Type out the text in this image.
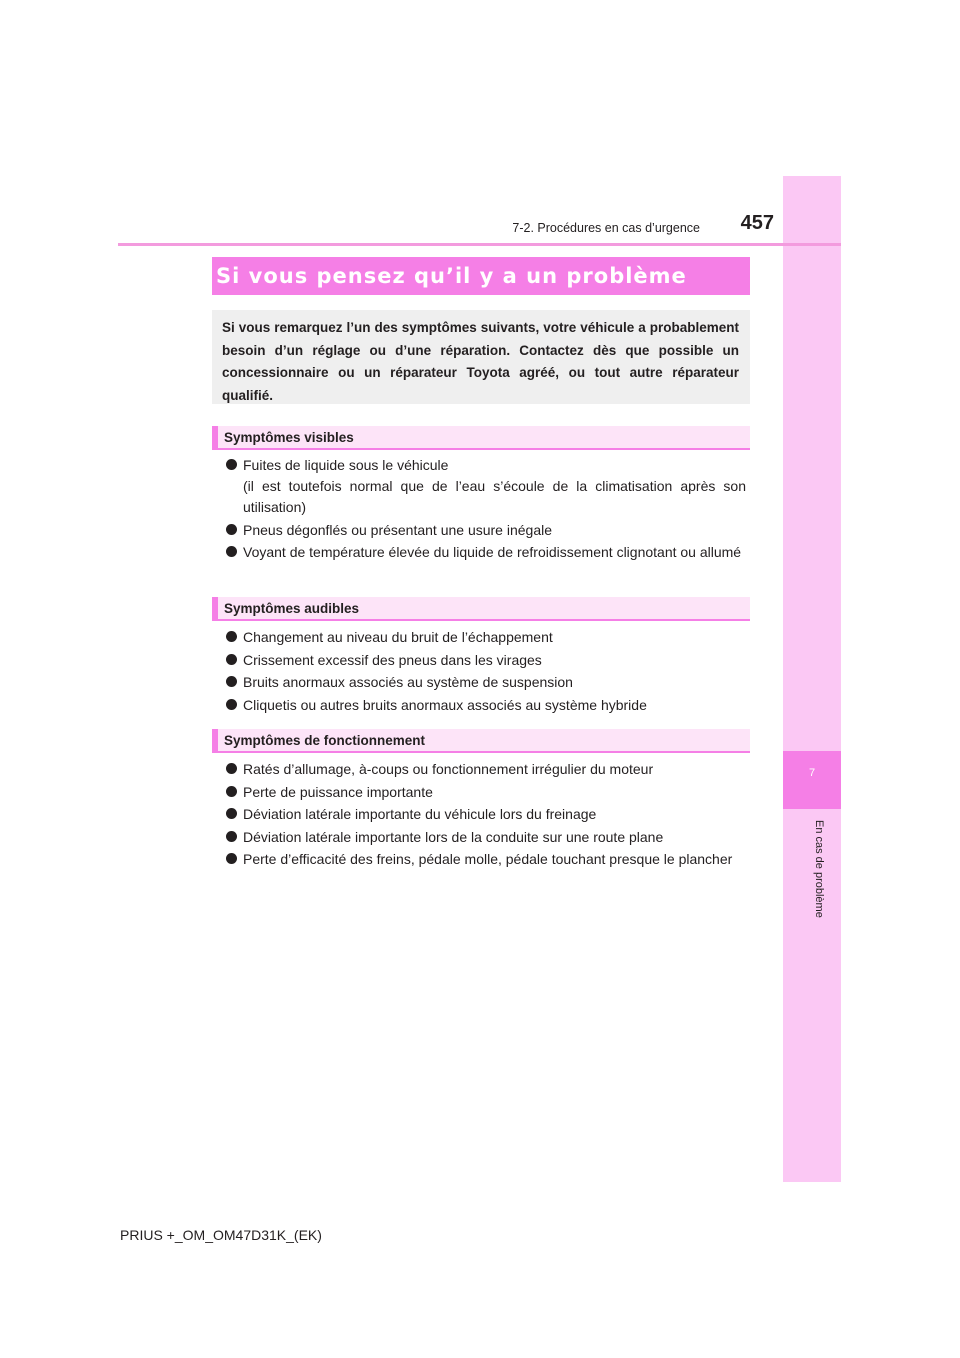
7
En cas de problème
7-2. Procédures en cas d’urgence	457
Si vous pensez qu’il y a un problème
Si vous remarquez l’un des symptômes suivants, votre véhicule a probablement besoin d’un réglage ou d’une réparation. Contactez dès que possible un concessionnaire ou un réparateur Toyota agréé, ou tout autre réparateur qualifié.
Symptômes visibles
Fuites de liquide sous le véhicule
(il est toutefois normal que de l’eau s’écoule de la climatisation après son utilisation)
Pneus dégonflés ou présentant une usure inégale
Voyant de température élevée du liquide de refroidissement clignotant ou allumé
Symptômes audibles
Changement au niveau du bruit de l’échappement
Crissement excessif des pneus dans les virages
Bruits anormaux associés au système de suspension
Cliquetis ou autres bruits anormaux associés au système hybride
Symptômes de fonctionnement
Ratés d’allumage, à-coups ou fonctionnement irrégulier du moteur
Perte de puissance importante
Déviation latérale importante du véhicule lors du freinage
Déviation latérale importante lors de la conduite sur une route plane
Perte d’efficacité des freins, pédale molle, pédale touchant presque le plancher
PRIUS +_OM_OM47D31K_(EK)
